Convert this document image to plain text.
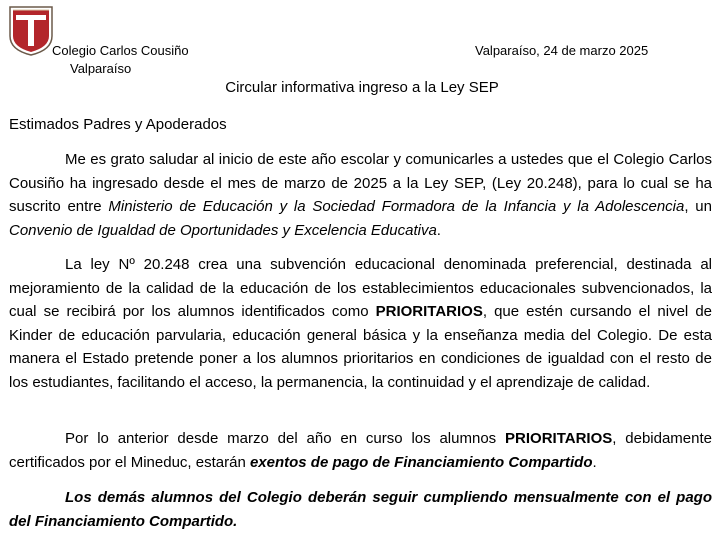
Colegio Carlos Cousiño
Valparaíso
Valparaíso, 24 de marzo 2025
Circular informativa ingreso a la Ley SEP
Estimados Padres y Apoderados

Me es grato saludar al inicio de este año escolar y comunicarles a ustedes que el Colegio Carlos Cousiño ha ingresado desde el mes de marzo de 2025 a la Ley SEP, (Ley 20.248), para lo cual se ha suscrito entre Ministerio de Educación y la Sociedad Formadora de la Infancia y la Adolescencia, un Convenio de Igualdad de Oportunidades y Excelencia Educativa.

La ley Nº 20.248 crea una subvención educacional denominada preferencial, destinada al mejoramiento de la calidad de la educación de los establecimientos educacionales subvencionados, la cual se recibirá por los alumnos identificados como PRIORITARIOS, que estén cursando el nivel de Kinder de educación parvularia, educación general básica y la enseñanza media del Colegio. De esta manera el Estado pretende poner a los alumnos prioritarios en condiciones de igualdad con el resto de los estudiantes, facilitando el acceso, la permanencia, la continuidad y el aprendizaje de calidad.

Por lo anterior desde marzo del año en curso los alumnos PRIORITARIOS, debidamente certificados por el Mineduc, estarán exentos de pago de Financiamiento Compartido.

Los demás alumnos del Colegio deberán seguir cumpliendo mensualmente con el pago del Financiamiento Compartido.
